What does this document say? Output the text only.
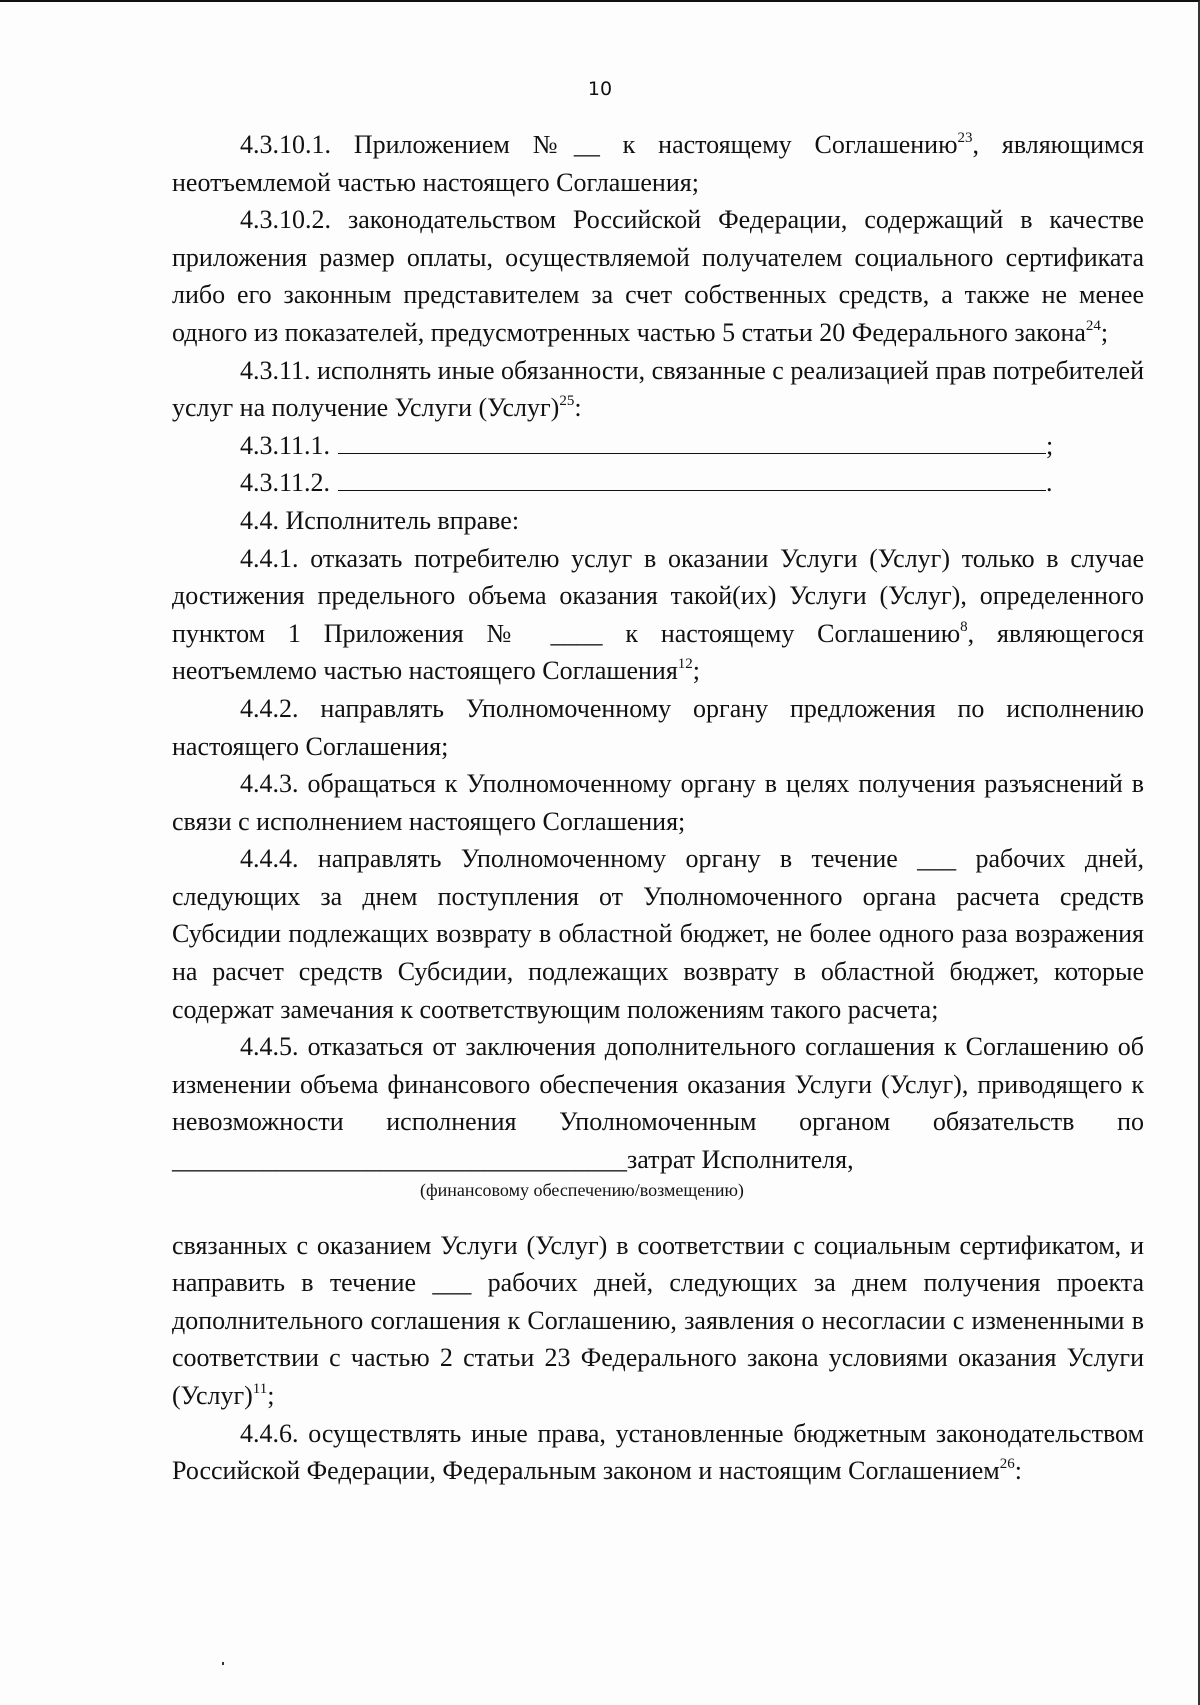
10

4.3.10.1. Приложением №__ к настоящему Соглашению$^{23}$, являющимся неотъемлемой частью настоящего Соглашения;

4.3.10.2. законодательством Российской Федерации, содержащий в качестве приложения размер оплаты, осуществляемой получателем социального сертификата либо его законным представителем за счет собственных средств, а также не менее одного из показателей, предусмотренных частью 5 статьи 20 Федерального закона$^{24}$;

4.3.11. исполнять иные обязанности, связанные с реализацией прав потребителей услуг на получение Услуги (Услуг)$^{25}$:

4.3.11.1.	;

4.3.11.2.	.

4.4. Исполнитель вправе:

4.4.1. отказать потребителю услуг в оказании Услуги (Услуг) только в случае достижения предельного объема оказания такой(их) Услуги (Услуг), определенного пунктом 1 Приложения № ____ к настоящему Соглашению$^8$, являющегося неотъемлемо частью настоящего Соглашения$^{12}$;

4.4.2. направлять Уполномоченному органу предложения по исполнению настоящего Соглашения;

4.4.3. обращаться к Уполномоченному органу в целях получения разъяснений в связи с исполнением настоящего Соглашения;

4.4.4. направлять Уполномоченному органу в течение ___ рабочих дней, следующих за днем поступления от Уполномоченного органа расчета средств Субсидии подлежащих возврату в областной бюджет, не более одного раза возражения на расчет средств Субсидии, подлежащих возврату в областной бюджет, которые содержат замечания к соответствующим положениям такого расчета;

4.4.5. отказаться от заключения дополнительного соглашения к Соглашению об изменении объема финансового обеспечения оказания Услуги (Услуг), приводящего к невозможности исполнения Уполномоченным органом обязательств по ___________________________________затрат Исполнителя,

(финансовому обеспечению/возмещению)

связанных с оказанием Услуги (Услуг) в соответствии с социальным сертификатом, и направить в течение ___ рабочих дней, следующих за днем получения проекта дополнительного соглашения к Соглашению, заявления о несогласии с измененными в соответствии с частью 2 статьи 23 Федерального закона условиями оказания Услуги (Услуг)$^{11}$;

4.4.6. осуществлять иные права, установленные бюджетным законодательством Российской Федерации, Федеральным законом и настоящим Соглашением$^{26}$:
